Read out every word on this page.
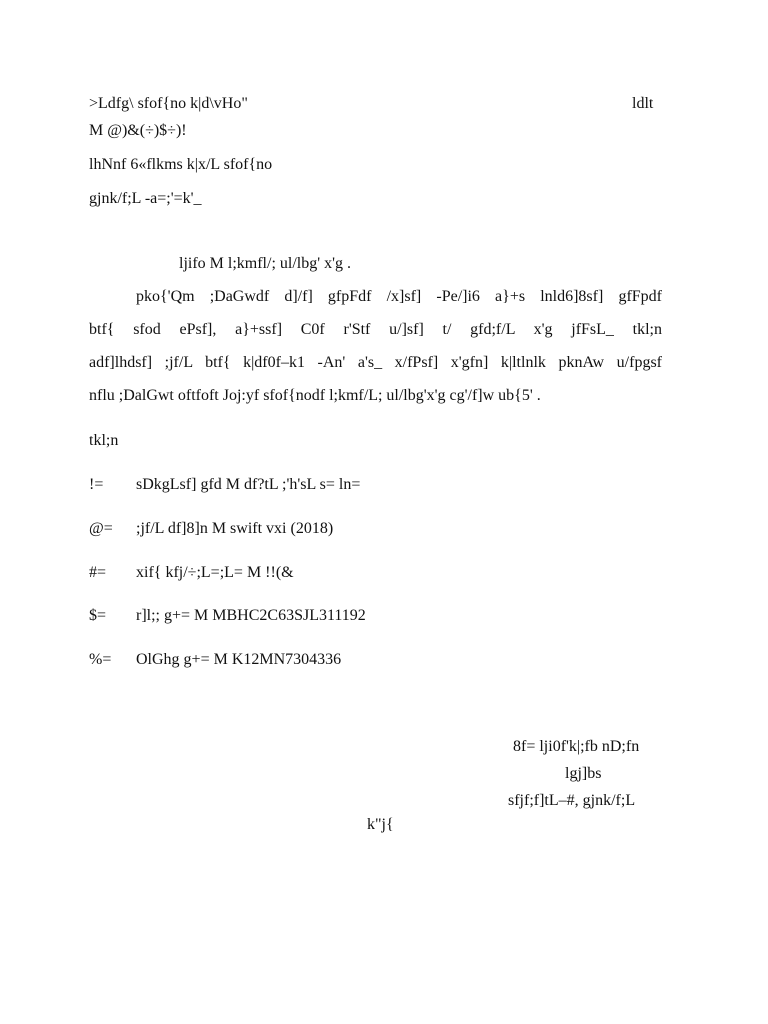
>Ldfg\ sfof{no k|d\vHo"	ldlt
M @)&(÷)$÷)!
lhNnf 6«flkms k|x/L sfof{no
gjnk/f;L -a=;'=k'_
ljifo M l;kmfl/; ul/lbg' x'g .
pko{'Qm ;DaGwdf d]/f] gfpFdf /x]sf] -Pe/]i6 a}+s lnld6]8sf] gfFpdf
btf{ sfod ePsf], a}+ssf] C0f r'Stf u/]sf] t/ gfd;f/L x'g jfFsL_ tkl;n
adf]lhdsf] ;jf/L btf{ k|df0f–k1 -An' a's_ x/fPsf] x'gfn] k|ltlnlk pknAw u/fpgsf
nflu ;DalGwt oftfoft Joj:yf sfof{nodf l;kmf/L; ul/lbg'x'g cg'/f]w ub{5' .
tkl;n
!= sDkgLsf] gfd M df?tL ;'h'sL s= ln=
@= ;jf/L df]8]n M swift vxi (2018)
#= xif{ kfj/÷;L=;L= M !!(&
$= r]l;; g+= M MBHC2C63SJL311192
%= OlGhg g+= M K12MN7304336
8f= lji0f'k|;fb nD;fn
lgj]bs
sfjf;f]tL–#, gjnk/f;L
k"j{
